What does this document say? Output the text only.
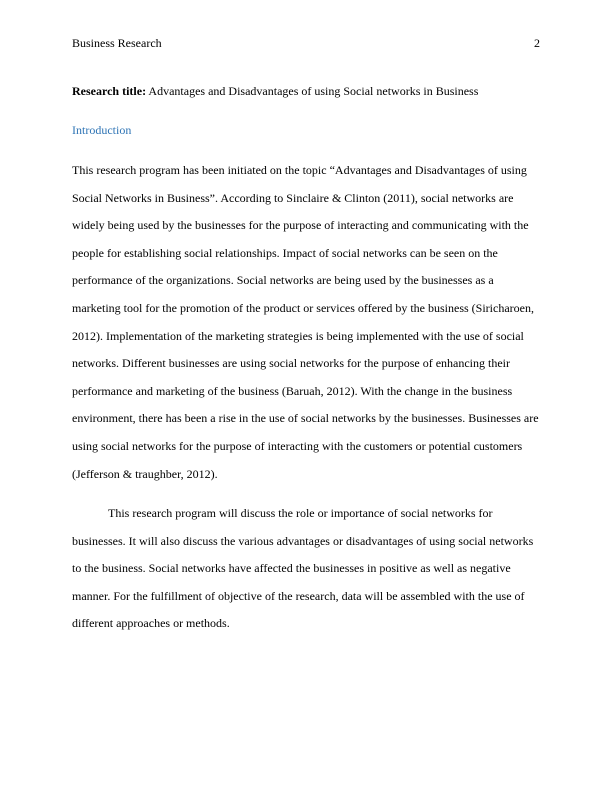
Business Research	2
Research title: Advantages and Disadvantages of using Social networks in Business
Introduction
This research program has been initiated on the topic “Advantages and Disadvantages of using
Social Networks in Business”. According to Sinclaire & Clinton (2011), social networks are
widely being used by the businesses for the purpose of interacting and communicating with the
people for establishing social relationships. Impact of social networks can be seen on the
performance of the organizations. Social networks are being used by the businesses as a
marketing tool for the promotion of the product or services offered by the business (Siricharoen,
2012). Implementation of the marketing strategies is being implemented with the use of social
networks. Different businesses are using social networks for the purpose of enhancing their
performance and marketing of the business (Baruah, 2012). With the change in the business
environment, there has been a rise in the use of social networks by the businesses. Businesses are
using social networks for the purpose of interacting with the customers or potential customers
(Jefferson & traughber, 2012).
This research program will discuss the role or importance of social networks for
businesses. It will also discuss the various advantages or disadvantages of using social networks
to the business. Social networks have affected the businesses in positive as well as negative
manner. For the fulfillment of objective of the research, data will be assembled with the use of
different approaches or methods.
